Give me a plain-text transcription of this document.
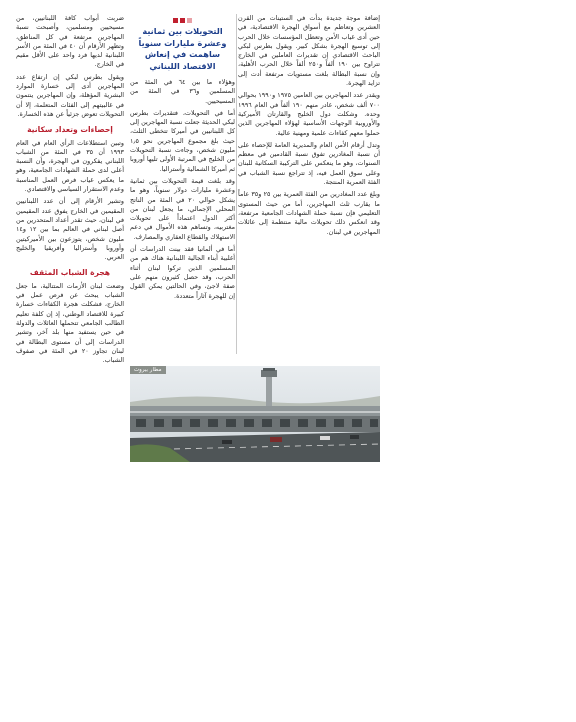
التحويلات بين ثمانية وعشرة مليارات سنوياً ساهمت في إنعاش الاقتصاد اللبناني

إضافة موجة جديدة بدأت في الستينات من القرن العشرين وتعاظم مع أسواق الهجرة الاقتصادية، في حين أدى غياب الأمن وتعطل المؤسسات خلال الحرب إلى توسيع الهجرة بشكل كبير. ويقول بطرس لبكي الباحث الاقتصادي إن تقديرات العاملين في الخارج تتراوح بين ١٩٠ ألفاً و٢٥٠ ألفاً خلال الحرب الأهلية، وإن نسبة البطالة بلغت مستويات مرتفعة أدت إلى تزايد الهجرة.

ويقدر عدد المهاجرين بين العامين ١٩٧٥ و١٩٩٠ بحوالي ٧٠٠ ألف شخص، غادر منهم ١٩٠ ألفاً في العام ١٩٩٦ وحده. وشكلت دول الخليج والقارتان الأميركية والأوروبية الوجهات الأساسية لهؤلاء المهاجرين الذين حملوا معهم كفاءات علمية ومهنية عالية.

وتدل أرقام الأمن العام والمديرية العامة للإحصاء على أن نسبة المغادرين تفوق نسبة القادمين في معظم السنوات، وهو ما ينعكس على التركيبة السكانية للبنان وعلى سوق العمل فيه، إذ تتراجع نسبة الشباب في الفئة العمرية المنتجة.

وبلغ عدد المغادرين من الفئة العمرية بين ٢٥ و٣٥ عاماً ما يقارب ثلث المهاجرين، أما من حيث المستوى التعليمي فإن نسبة حملة الشهادات الجامعية مرتفعة، وقد انعكس ذلك تحويلات مالية منتظمة إلى عائلات المهاجرين في لبنان.

وهؤلاء ما بين ٦٤ في المئة من المسلمين و٣٦ في المئة من المسيحيين.

أما في التحويلات، فتقديرات بطرس لبكي الحديثة جعلت نسبة المهاجرين إلى كل اللبنانيين في أميركا تتخطى الثلث، حيث بلغ مجموع المهاجرين نحو ١٫٥ مليون شخص، وجاءت نسبة التحويلات من الخليج في المرتبة الأولى تليها أوروبا ثم أميركا الشمالية وأستراليا.

وقد بلغت قيمة التحويلات بين ثمانية وعشرة مليارات دولار سنوياً، وهو ما يشكل حوالي ٢٠ في المئة من الناتج المحلي الإجمالي، ما يجعل لبنان من أكثر الدول اعتماداً على تحويلات مغتربيه، وتساهم هذه الأموال في دعم الاستهلاك والقطاع العقاري والمصارف.

أما في ألمانيا فقد بينت الدراسات أن أغلبية أبناء الجالية اللبنانية هناك هم من المسلمين الذين تركوا لبنان أثناء الحرب، وقد حصل كثيرون منهم على صفة لاجئ، وفي الحالتين يمكن القول إن للهجرة آثاراً متعددة.

ضربت أبواب كافة اللبنانيين، من مسيحيين ومسلمين، وأصبحت نسبة المهاجرين مرتفعة في كل المناطق، وتظهر الأرقام أن ٤٠ في المئة من الأسر اللبنانية لديها فرد واحد على الأقل مقيم في الخارج.

ويقول بطرس لبكي إن ارتفاع عدد المهاجرين أدى إلى خسارة الموارد البشرية المؤهلة، وإن المهاجرين ينتمون في غالبيتهم إلى الفئات المتعلمة، إلا أن التحويلات تعوض جزئياً عن هذه الخسارة.

إحصاءات وتعداد سكانية

وتبين استطلاعات الرأي العام في العام ١٩٩٣ أن ٣٥ في المئة من الشباب اللبناني يفكرون في الهجرة، وأن النسبة أعلى لدى حملة الشهادات الجامعية، وهو ما يعكس غياب فرص العمل المناسبة وعدم الاستقرار السياسي والاقتصادي.

وتشير الأرقام إلى أن عدد اللبنانيين المقيمين في الخارج يفوق عدد المقيمين في لبنان، حيث تقدر أعداد المتحدرين من أصل لبناني في العالم بما بين ١٢ و١٤ مليون شخص، يتوزعون بين الأميركيتين وأوروبا وأستراليا وأفريقيا والخليج العربي.

هجرة الشباب المثقف

وضعت لبنان الأزمات المتتالية، ما جعل الشباب يبحث عن فرص عمل في الخارج، فشكلت هجرة الكفاءات خسارة كبيرة للاقتصاد الوطني، إذ إن كلفة تعليم الطالب الجامعي تتحملها العائلات والدولة في حين يستفيد منها بلد آخر، وتشير الدراسات إلى أن مستوى البطالة في لبنان تجاوز ٢٠ في المئة في صفوف الشباب.

مطار بيروت
